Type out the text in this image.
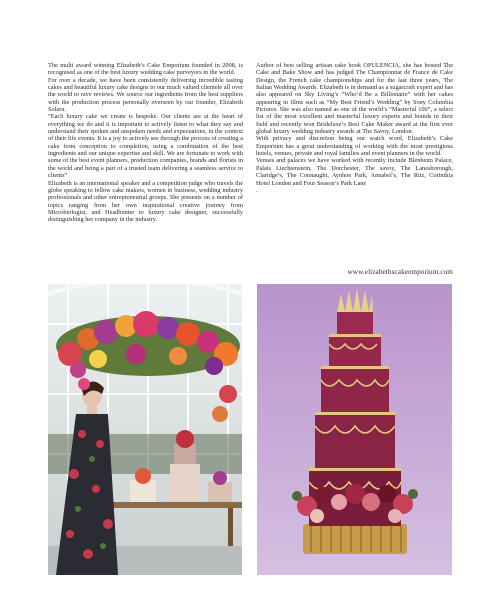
The multi award winning Elizabeth’s Cake Emporium founded in 2008, is recognised as one of the best luxury wedding cake purveyors in the world.

For over a decade, we have been consistently delivering incredible tasting cakes and beautiful luxury cake designs to our much valued clientele all over the world to rave reviews. We source our ingredients from the best suppliers with the production process personally overseen by our founder, Elizabeth Solaru.

“Each luxury cake we create is bespoke. Our clients are at the heart of everything we do and it is important to actively listen to what they say and understand their spoken and unspoken needs and expectations, in the context of their life events. It is a joy to actively see through the process of creating a cake from conception to completion, using a combination of the best ingredients and our unique expertise and skill. We are fortunate to work with some of the best event planners, production companies, brands and florists in the world and being a part of a trusted team delivering a seamless service to clients”

Elizabeth is an international speaker and a competition judge who travels the globe speaking to fellow cake makers, women in business, wedding industry professionals and other entrepreneurial groups. She presents on a number of topics ranging from her own inspirational creative journey from Microbiologist, and Headhunter to luxury cake designer, successfully distinguishing her company in the industry.

Author of best selling artisan cake book OPULENCIA, she has hosted The Cake and Bake Show and has judged The Championnat de France de Cake Design, the French cake championships and for the last three years, The Italian Wedding Awards. Elizabeth is in demand as a sugarcraft expert and has also appeared on Sky Living’s “Who’d Be a Billionaire” with her cakes appearing in films such as “My Best Friend’s Wedding” by Sony Columbia Pictures. She was also named as one of the world’s “Masterful 100”, a select list of the most excellent and masterful luxury experts and brands in their field and recently won Brideluxe’s Best Cake Maker award at the first ever global luxury wedding industry awards at The Savoy, London.

With privacy and discretion being our watch word, Elizabeth’s Cake Emporium has a great understanding of working with the most prestigious hotels, venues, private and royal families and event planners in the world.

Venues and palaces we have worked with recently include Blenheim Palace, Palais Liechtenstein, The Dorchester, The savoy, The Lanesborough, Claridge’s, The Connaught, Aynhoe Park, Annabel’s, The Ritz, Corinthia Hotel London and Four Season’s Park Lane

.

www.elizabethscakeemporium.com
